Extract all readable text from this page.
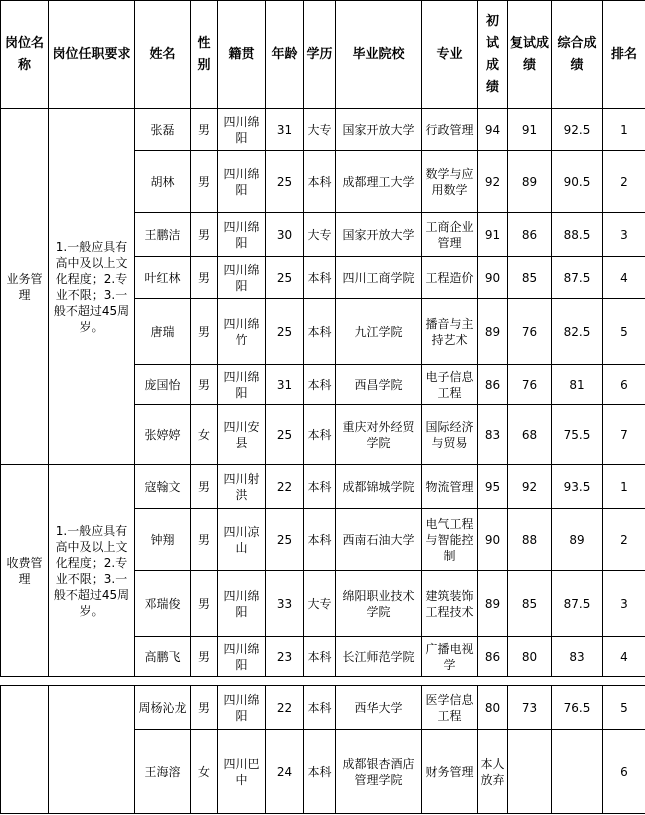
岗位名称	岗位任职要求	姓名	性别	籍贯	年龄	学历	毕业院校	专业	初试成绩	复试成绩	综合成绩	排名
业务管理	1.一般应具有高中及以上文化程度；2.专业不限；3.一般不超过45周岁。	张磊	男	四川绵阳	31	大专	国家开放大学	行政管理	94	91	92.5	1
		胡林	男	四川绵阳	25	本科	成都理工大学	数学与应用数学	92	89	90.5	2
		王鹏洁	男	四川绵阳	30	大专	国家开放大学	工商企业管理	91	86	88.5	3
		叶红林	男	四川绵阳	25	本科	四川工商学院	工程造价	90	85	87.5	4
		唐瑞	男	四川绵竹	25	本科	九江学院	播音与主持艺术	89	76	82.5	5
		庞国怡	男	四川绵阳	31	本科	西昌学院	电子信息工程	86	76	81	6
		张婷婷	女	四川安县	25	本科	重庆对外经贸学院	国际经济与贸易	83	68	75.5	7
收费管理	1.一般应具有高中及以上文化程度；2.专业不限；3.一般不超过45周岁。	寇翰文	男	四川射洪	22	本科	成都锦城学院	物流管理	95	92	93.5	1
		钟翔	男	四川凉山	25	本科	西南石油大学	电气工程与智能控制	90	88	89	2
		邓瑞俊	男	四川绵阳	33	大专	绵阳职业技术学院	建筑装饰工程技术	89	85	87.5	3
		高鹏飞	男	四川绵阳	23	本科	长江师范学院	广播电视学	86	80	83	4
		周杨沁龙	男	四川绵阳	22	本科	西华大学	医学信息工程	80	73	76.5	5
		王海溶	女	四川巴中	24	本科	成都银杏酒店管理学院	财务管理	本人放弃			6
